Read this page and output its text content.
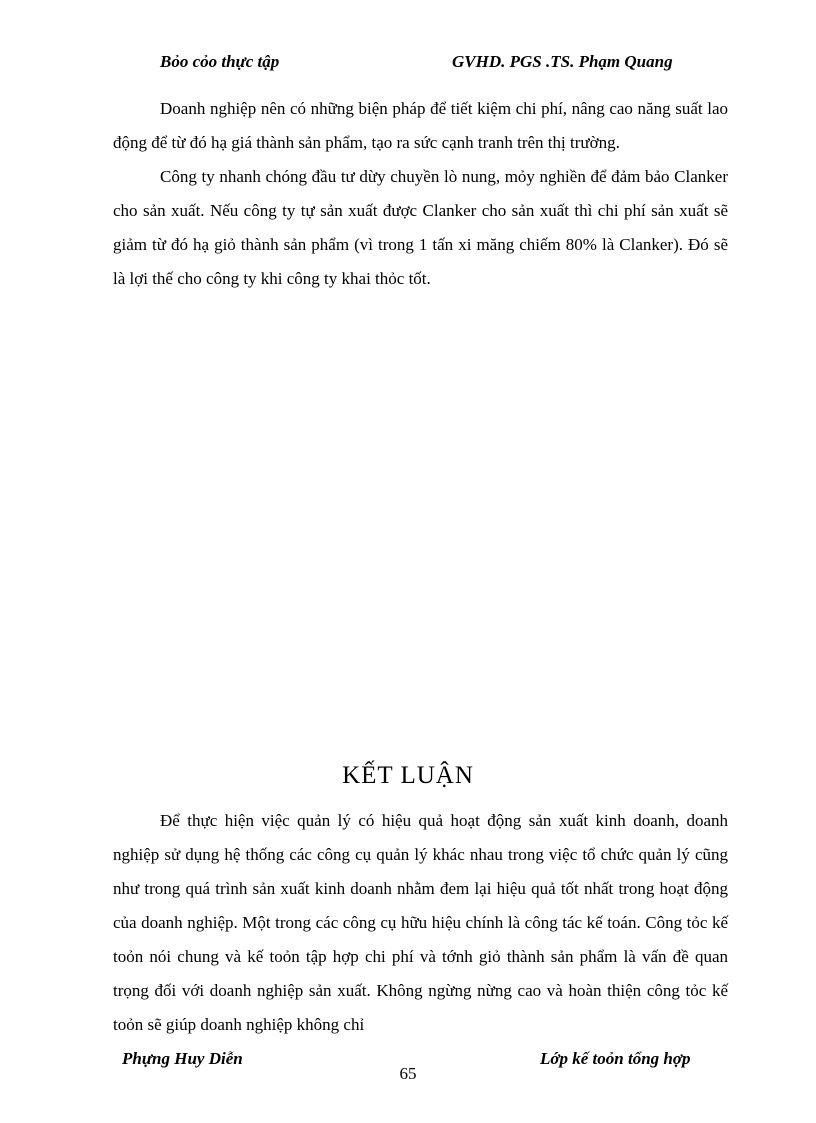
Bỏo cỏo thực tập	GVHD. PGS .TS. Phạm Quang

Doanh nghiệp nên có những biện pháp để tiết kiệm chi phí, nâng cao năng suất lao động để từ đó hạ giá thành sản phẩm, tạo ra sức cạnh tranh trên thị trường.

Công ty nhanh chóng đầu tư dừy chuyền lò nung, mỏy nghiền để đảm bảo Clanker cho sản xuất. Nếu công ty tự sản xuất được Clanker cho sản xuất thì chi phí sản xuất sẽ giảm từ đó hạ giỏ thành sản phẩm (vì trong 1 tấn xi măng chiếm 80% là Clanker). Đó sẽ là lợi thế cho công ty khi công ty khai thỏc tốt.

KẾT LUẬN

Để thực hiện việc quản lý có hiệu quả hoạt động sản xuất kinh doanh, doanh nghiệp sử dụng hệ thống các công cụ quản lý khác nhau trong việc tổ chức quản lý cũng như trong quá trình sản xuất kinh doanh nhằm đem lại hiệu quả tốt nhất trong hoạt động của doanh nghiệp. Một trong các công cụ hữu hiệu chính là công tác kế toán. Công tỏc kế toỏn nói chung và kế toỏn tập hợp chi phí và tớnh giỏ thành sản phẩm là vấn đề quan trọng đối với doanh nghiệp sản xuất. Không ngừng nừng cao và hoàn thiện công tỏc kế toỏn sẽ giúp doanh nghiệp không chỉ

Phựng Huy Diễn
65
Lớp kế toỏn tổng hợp
